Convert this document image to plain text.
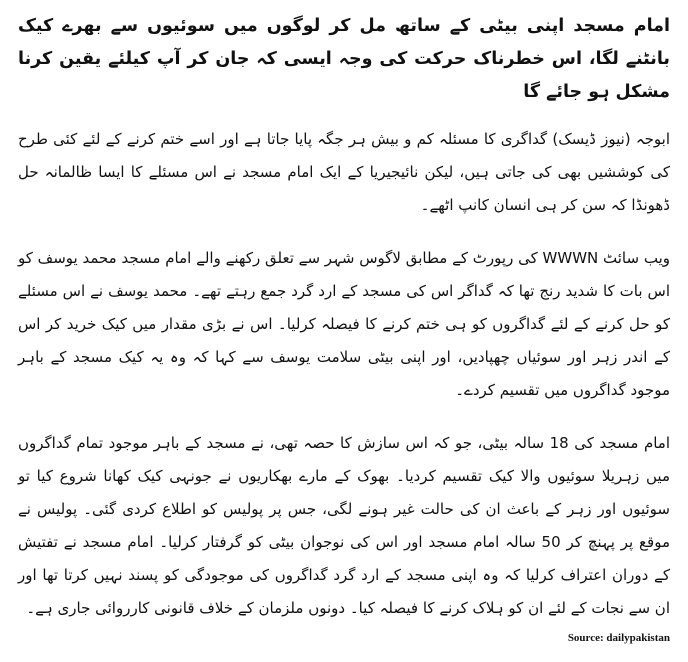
امام مسجد اپنی بیٹی کے ساتھ مل کر لوگوں میں سوئیوں سے بھرے کیک بانٹنے لگا، اس خطرناک حرکت کی وجہ ایسی کہ جان کر آپ کیلئے یقین کرنا مشکل ہو جائے گا

ابوجہ (نیوز ڈیسک) گداگری کا مسئلہ کم و بیش ہر جگہ پایا جاتا ہے اور اسے ختم کرنے کے لئے کئی طرح کی کوششیں بھی کی جاتی ہیں، لیکن نائیجیریا کے ایک امام مسجد نے اس مسئلے کا ایسا ظالمانہ حل ڈھونڈا کہ سن کر ہی انسان کانپ اٹھے۔

ویب سائٹ WWWN کی رپورٹ کے مطابق لاگوس شہر سے تعلق رکھنے والے امام مسجد محمد یوسف کو اس بات کا شدید رنج تھا کہ گداگر اس کی مسجد کے ارد گرد جمع رہتے تھے۔ محمد یوسف نے اس مسئلے کو حل کرنے کے لئے گداگروں کو ہی ختم کرنے کا فیصلہ کرلیا۔ اس نے بڑی مقدار میں کیک خرید کر اس کے اندر زہر اور سوئیاں چھپادیں، اور اپنی بیٹی سلامت یوسف سے کہا کہ وہ یہ کیک مسجد کے باہر موجود گداگروں میں تقسیم کردے۔

امام مسجد کی 18 سالہ بیٹی، جو کہ اس سازش کا حصہ تھی، نے مسجد کے باہر موجود تمام گداگروں میں زہریلا سوئیوں والا کیک تقسیم کردیا۔ بھوک کے مارے بھکاریوں نے جونہی کیک کھانا شروع کیا تو سوئیوں اور زہر کے باعث ان کی حالت غیر ہونے لگی، جس پر پولیس کو اطلاع کردی گئی۔ پولیس نے موقع پر پہنچ کر 50 سالہ امام مسجد اور اس کی نوجوان بیٹی کو گرفتار کرلیا۔ امام مسجد نے تفتیش کے دوران اعتراف کرلیا کہ وہ اپنی مسجد کے ارد گرد گداگروں کی موجودگی کو پسند نہیں کرتا تھا اور ان سے نجات کے لئے ان کو ہلاک کرنے کا فیصلہ کیا۔ دونوں ملزمان کے خلاف قانونی کارروائی جاری ہے۔

Source: dailypakistan
